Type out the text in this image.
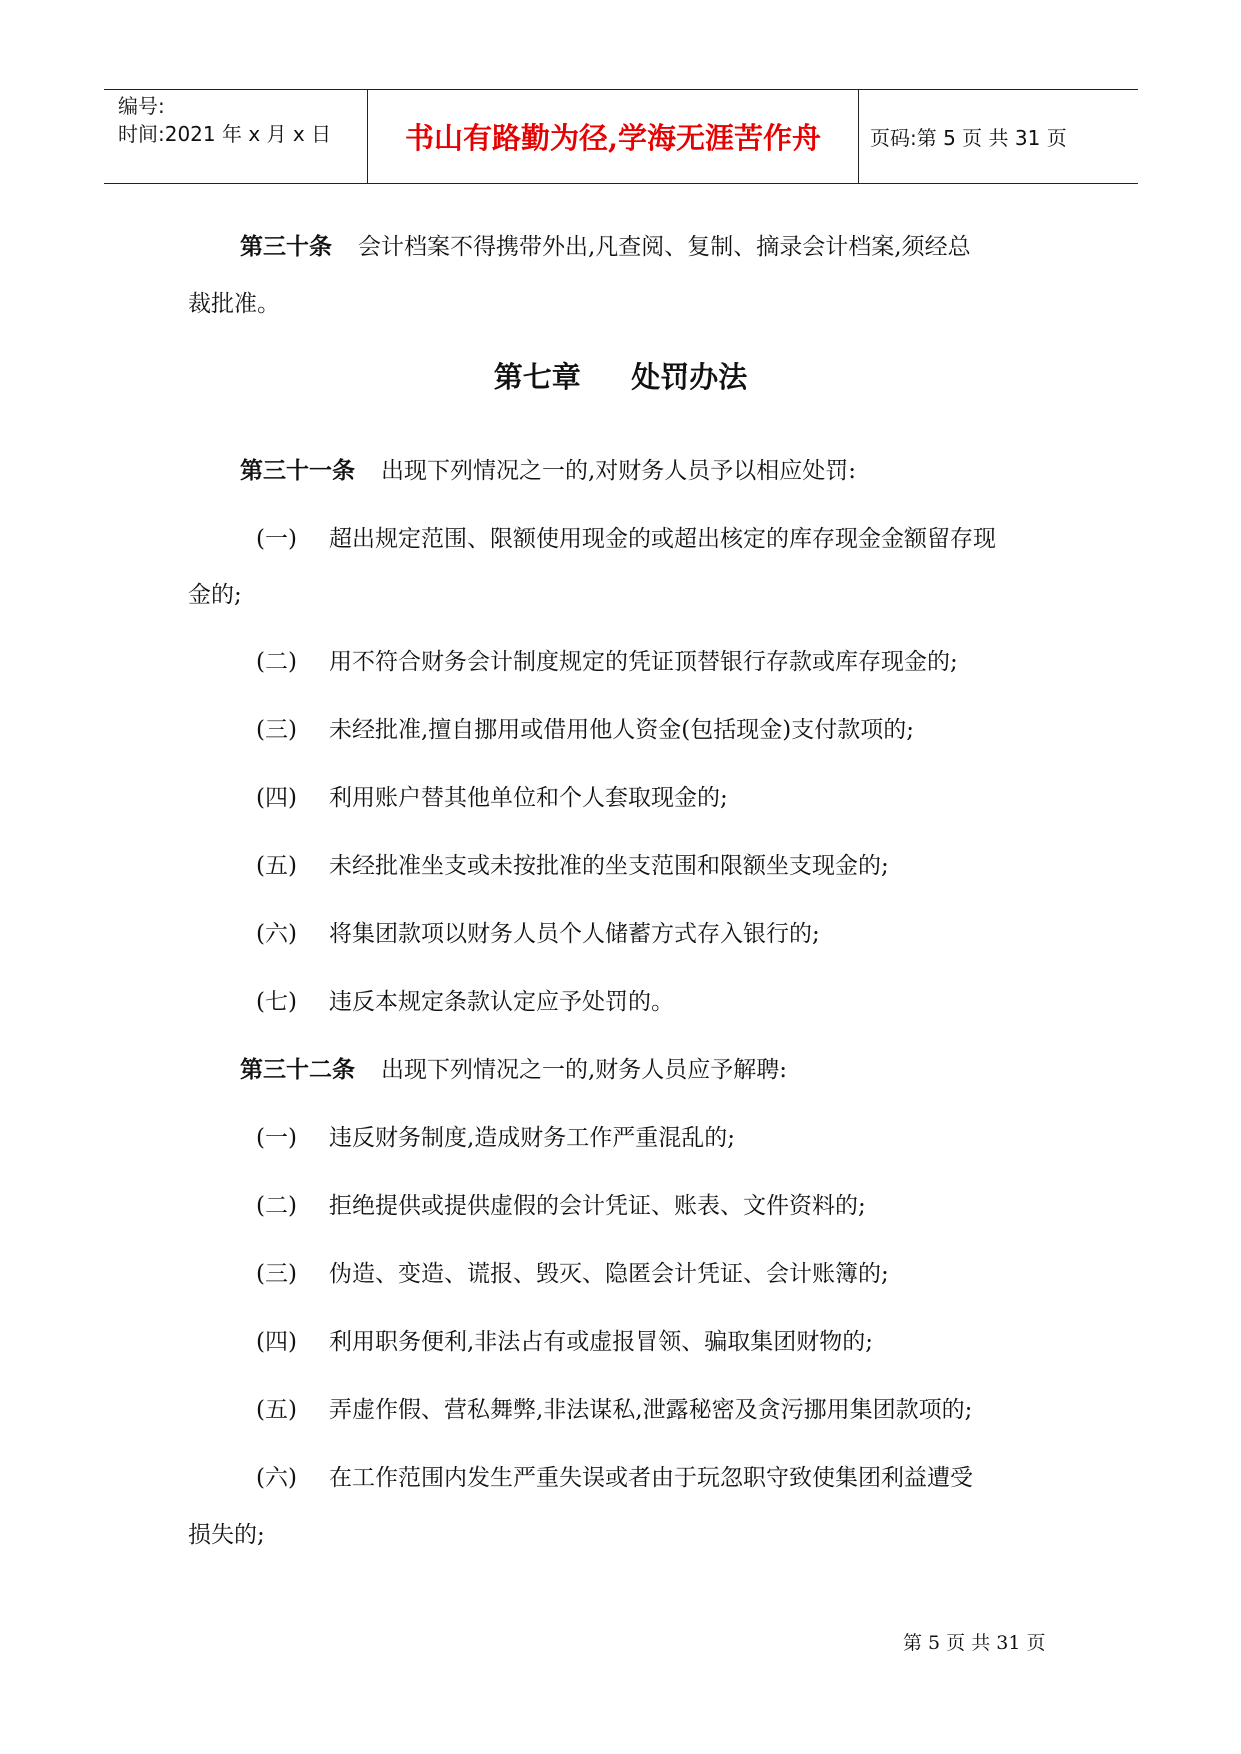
编号:
时间:2021 年 x 月 x 日	书山有路勤为径,学海无涯苦作舟	页码:第 5 页 共 31 页
第三十条 会计档案不得携带外出,凡查阅、复制、摘录会计档案,须经总
裁批准。
第七章     处罚办法
第三十一条 出现下列情况之一的,对财务人员予以相应处罚:
(一) 超出规定范围、限额使用现金的或超出核定的库存现金金额留存现
金的;
(二) 用不符合财务会计制度规定的凭证顶替银行存款或库存现金的;
(三) 未经批准,擅自挪用或借用他人资金(包括现金)支付款项的;
(四) 利用账户替其他单位和个人套取现金的;
(五) 未经批准坐支或未按批准的坐支范围和限额坐支现金的;
(六) 将集团款项以财务人员个人储蓄方式存入银行的;
(七) 违反本规定条款认定应予处罚的。
第三十二条 出现下列情况之一的,财务人员应予解聘:
(一) 违反财务制度,造成财务工作严重混乱的;
(二) 拒绝提供或提供虚假的会计凭证、账表、文件资料的;
(三) 伪造、变造、谎报、毁灭、隐匿会计凭证、会计账簿的;
(四) 利用职务便利,非法占有或虚报冒领、骗取集团财物的;
(五) 弄虚作假、营私舞弊,非法谋私,泄露秘密及贪污挪用集团款项的;
(六) 在工作范围内发生严重失误或者由于玩忽职守致使集团利益遭受
损失的;
第 5 页 共 31 页
